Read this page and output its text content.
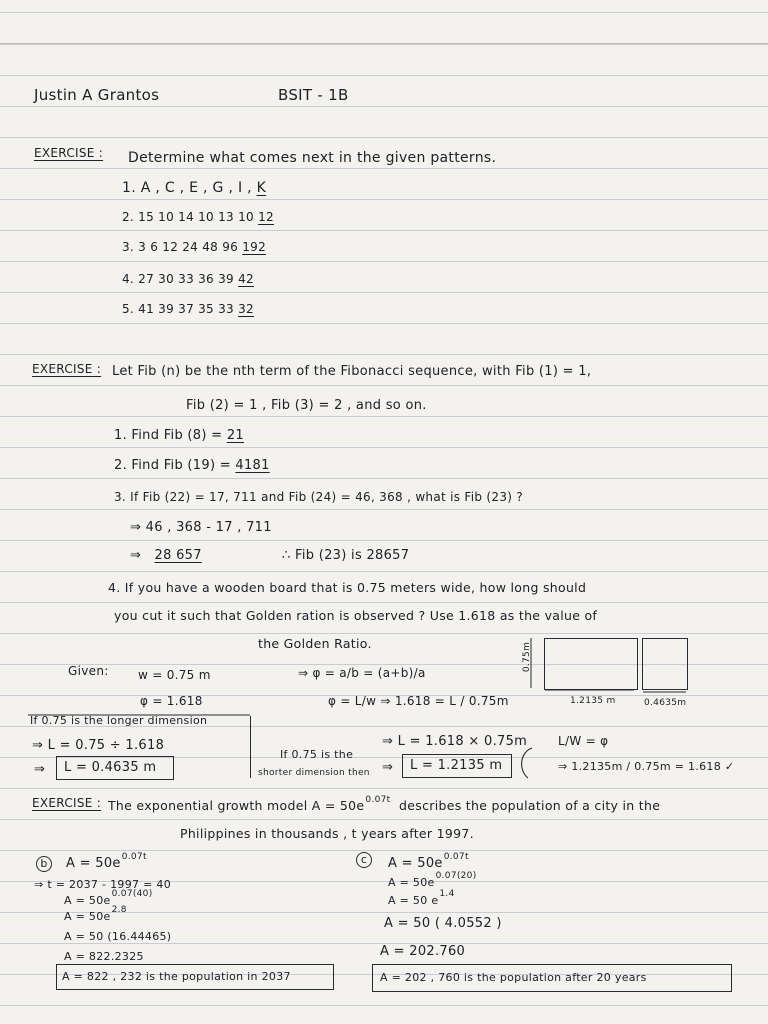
Justin A Grantos	BSIT - 1B
EXERCISE : Determine what comes next in the given patterns.
1. A , C , E , G , I , K
2. 15 10 14 10 13 10 12
3. 3 6 12 24 48 96 192
4. 27 30 33 36 39 42
5. 41 39 37 35 33 32
EXERCISE : Let Fib (n) be the nth term of the Fibonacci sequence, with Fib (1) = 1,
Fib (2) = 1 , Fib (3) = 2 , and so on.
1. Find Fib (8) = 21
2. Find Fib (19) = 4181
3. If Fib (22) = 17, 711 and Fib (24) = 46, 368 , what is Fib (23) ?
⇒ 46 , 368 - 17 , 711
⇒ 28 657	∴ Fib (23) is 28657
4. If you have a wooden board that is 0.75 meters wide, how long should
you cut it such that Golden ration is observed ? Use 1.618 as the value of
the Golden Ratio.
Given: w = 0.75 m
φ = 1.618
⇒ φ = a/b = (a+b)/a
φ = L/w ⇒ 1.618 = L / 0.75m
0.75m
1.2135 m	0.4635m
If 0.75 is the longer dimension
⇒ L = 0.75 ÷ 1.618
⇒ L = 0.4635 m
If 0.75 is the
shorter dimension then
⇒ L = 1.618 × 0.75m
⇒ L = 1.2135 m
L/W = φ
⇒ 1.2135m / 0.75m = 1.618 ✓
EXERCISE : The exponential growth model $A = 50e^{0.07t}$ describes the population of a city in the
Philippines in thousands , t years after 1997.
b	$A = 50e^{0.07t}$
⇒ t = 2037 - 1997 = 40
$A = 50e^{0.07(40)}$
$A = 50e^{2.8}$
A = 50 (16.44465)
A = 822.2325
A = 822 , 232 is the population in 2037
c	$A = 50e^{0.07t}$
$A = 50e^{0.07(20)}$
A = 50 $e^{1.4}$
A = 50 ( 4.0552 )
A = 202.760
A = 202 , 760 is the population after 20 years
